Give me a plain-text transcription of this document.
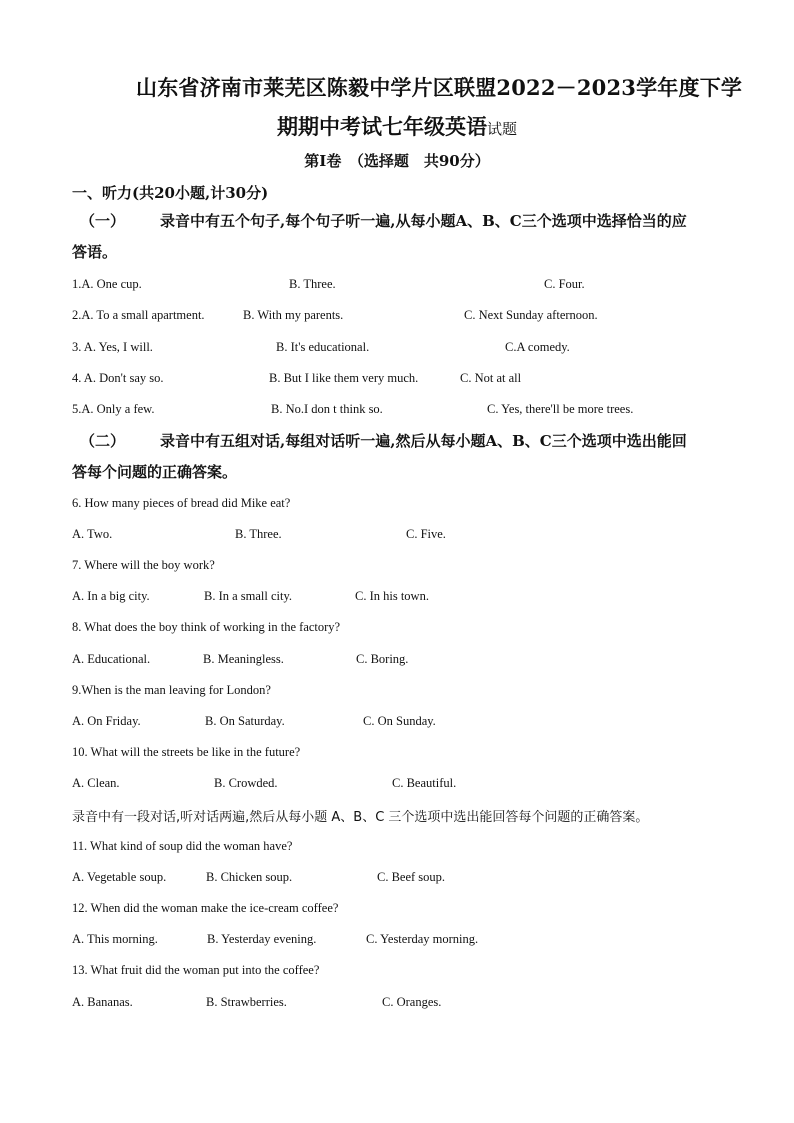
山东省济南市莱芜区陈毅中学片区联盟2022－2023学年度下学
期期中考试七年级英语试题
第Ⅰ卷　（选择题　共90分）
一、听力(共20小题,计30分)
（一） 录音中有五个句子,每个句子听一遍,从每小题A、B、C三个选项中选择恰当的应
答语。
1.A. One cup.	B. Three.	C. Four.
2.A. To a small apartment.	B. With my parents.	C. Next Sunday afternoon.
3. A. Yes, I will.	B. It's educational.	C.A comedy.
4. A. Don't say so.	B. But I like them very much.	C. Not at all
5.A. Only a few.	B. No.I don t think so.	C. Yes, there'll be more trees.
（二） 录音中有五组对话,每组对话听一遍,然后从每小题A、B、C三个选项中选出能回
答每个问题的正确答案。
6. How many pieces of bread did Mike eat?
A. Two.	B. Three.	C. Five.
7. Where will the boy work?
A. In a big city.	B. In a small city.	C. In his town.
8. What does the boy think of working in the factory?
A. Educational.	B. Meaningless.	C. Boring.
9.When is the man leaving for London?
A. On Friday.	B. On Saturday.	C. On Sunday.
10. What will the streets be like in the future?
A. Clean.	B. Crowded.	C. Beautiful.
录音中有一段对话,听对话两遍,然后从每小题 A、B、C 三个选项中选出能回答每个问题的正确答案。
11. What kind of soup did the woman have?
A. Vegetable soup.	B. Chicken soup.	C. Beef soup.
12. When did the woman make the ice-cream coffee?
A. This morning.	B. Yesterday evening.	C. Yesterday morning.
13. What fruit did the woman put into the coffee?
A. Bananas.	B. Strawberries.	C. Oranges.
